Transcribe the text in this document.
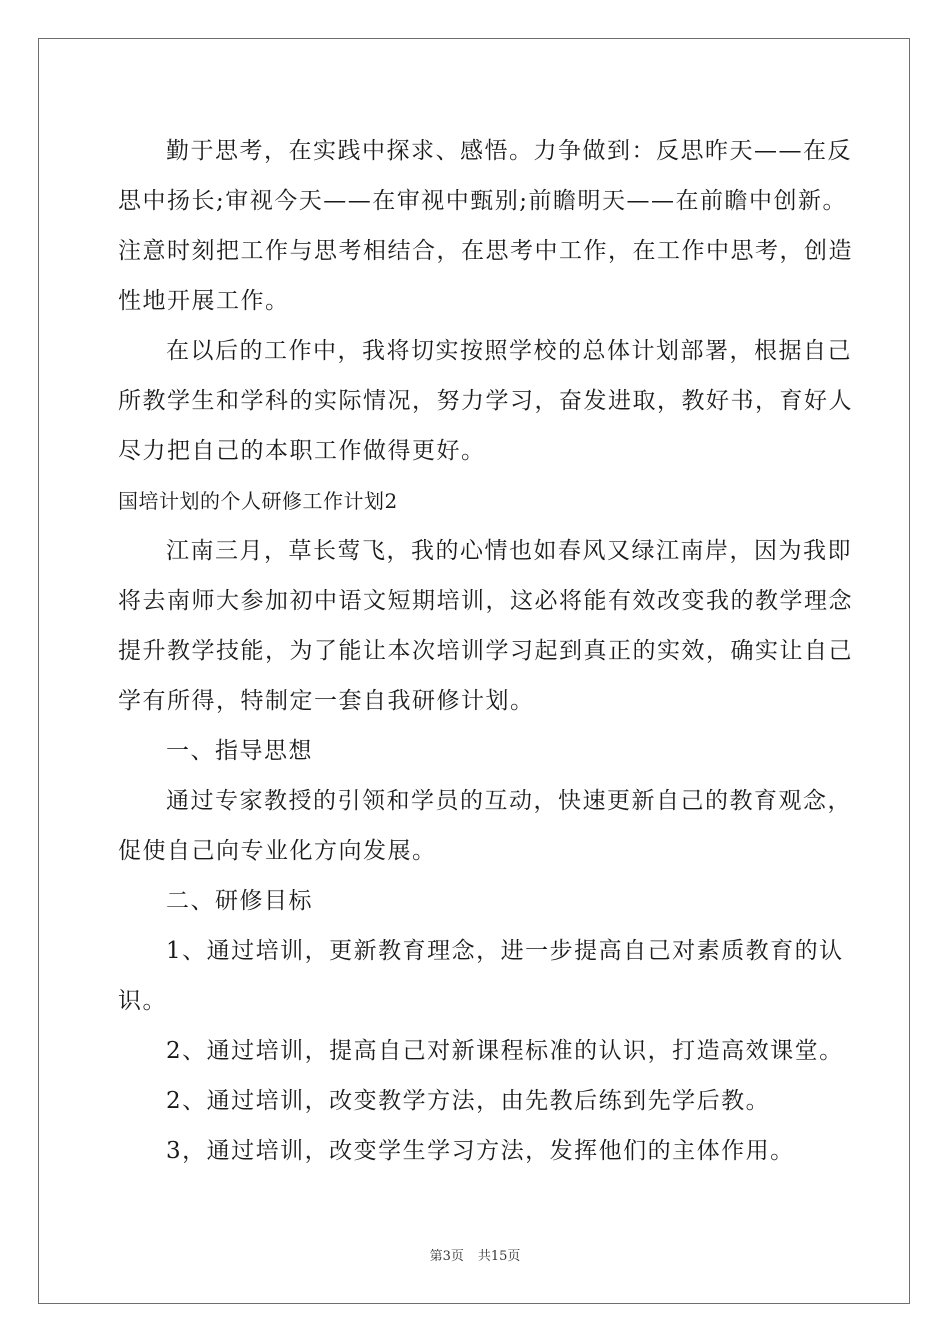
勤于思考，在实践中探求、感悟。力争做到：反思昨天——在反
思中扬长;审视今天——在审视中甄别;前瞻明天——在前瞻中创新。
注意时刻把工作与思考相结合，在思考中工作，在工作中思考，创造
性地开展工作。

在以后的工作中，我将切实按照学校的总体计划部署，根据自己
所教学生和学科的实际情况，努力学习，奋发进取，教好书，育好人
尽力把自己的本职工作做得更好。

国培计划的个人研修工作计划2

江南三月，草长莺飞，我的心情也如春风又绿江南岸，因为我即
将去南师大参加初中语文短期培训，这必将能有效改变我的教学理念
提升教学技能，为了能让本次培训学习起到真正的实效，确实让自己
学有所得，特制定一套自我研修计划。

一、指导思想

通过专家教授的引领和学员的互动，快速更新自己的教育观念，
促使自己向专业化方向发展。

二、研修目标

1、通过培训，更新教育理念，进一步提高自己对素质教育的认
识。

2、通过培训，提高自己对新课程标准的认识，打造高效课堂。

2、通过培训，改变教学方法，由先教后练到先学后教。

3，通过培训，改变学生学习方法，发挥他们的主体作用。

第3页 共15页
